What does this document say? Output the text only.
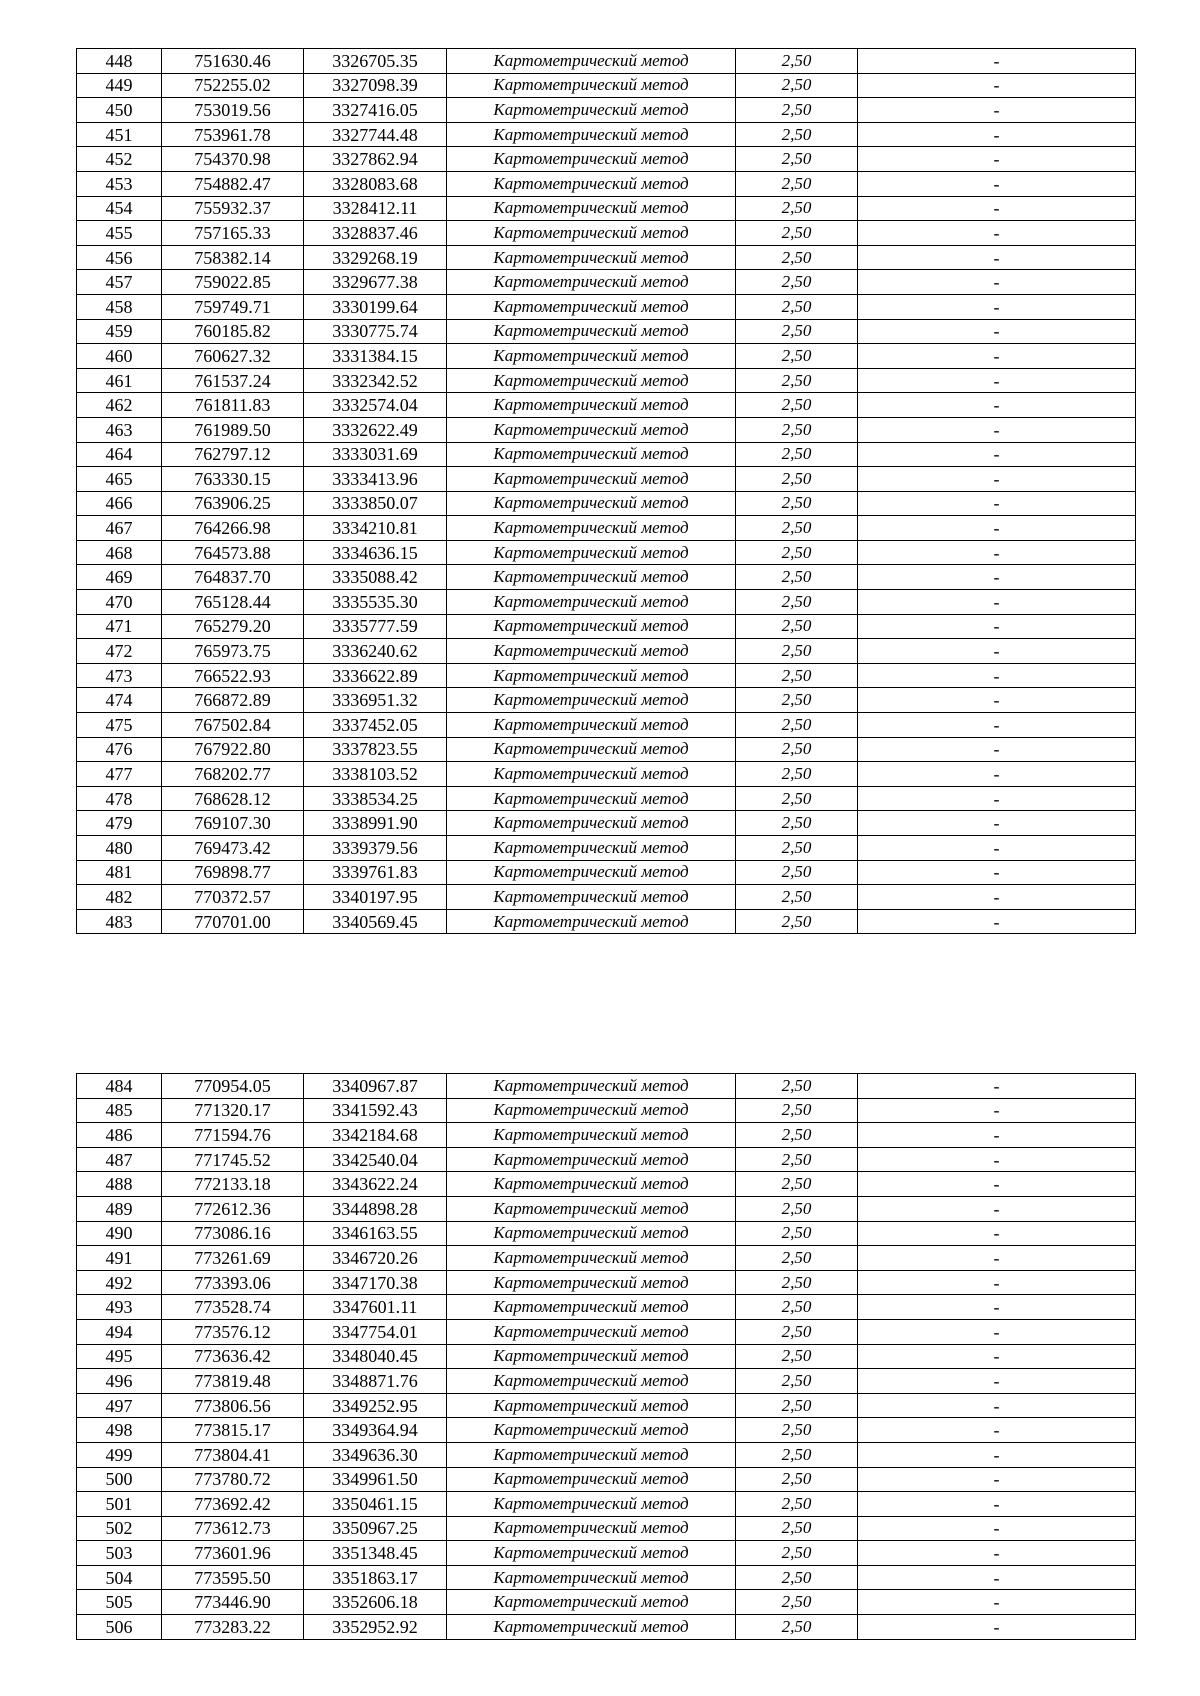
448	751630.46	3326705.35	Картометрический метод	2,50	-
449	752255.02	3327098.39	Картометрический метод	2,50	-
450	753019.56	3327416.05	Картометрический метод	2,50	-
451	753961.78	3327744.48	Картометрический метод	2,50	-
452	754370.98	3327862.94	Картометрический метод	2,50	-
453	754882.47	3328083.68	Картометрический метод	2,50	-
454	755932.37	3328412.11	Картометрический метод	2,50	-
455	757165.33	3328837.46	Картометрический метод	2,50	-
456	758382.14	3329268.19	Картометрический метод	2,50	-
457	759022.85	3329677.38	Картометрический метод	2,50	-
458	759749.71	3330199.64	Картометрический метод	2,50	-
459	760185.82	3330775.74	Картометрический метод	2,50	-
460	760627.32	3331384.15	Картометрический метод	2,50	-
461	761537.24	3332342.52	Картометрический метод	2,50	-
462	761811.83	3332574.04	Картометрический метод	2,50	-
463	761989.50	3332622.49	Картометрический метод	2,50	-
464	762797.12	3333031.69	Картометрический метод	2,50	-
465	763330.15	3333413.96	Картометрический метод	2,50	-
466	763906.25	3333850.07	Картометрический метод	2,50	-
467	764266.98	3334210.81	Картометрический метод	2,50	-
468	764573.88	3334636.15	Картометрический метод	2,50	-
469	764837.70	3335088.42	Картометрический метод	2,50	-
470	765128.44	3335535.30	Картометрический метод	2,50	-
471	765279.20	3335777.59	Картометрический метод	2,50	-
472	765973.75	3336240.62	Картометрический метод	2,50	-
473	766522.93	3336622.89	Картометрический метод	2,50	-
474	766872.89	3336951.32	Картометрический метод	2,50	-
475	767502.84	3337452.05	Картометрический метод	2,50	-
476	767922.80	3337823.55	Картометрический метод	2,50	-
477	768202.77	3338103.52	Картометрический метод	2,50	-
478	768628.12	3338534.25	Картометрический метод	2,50	-
479	769107.30	3338991.90	Картометрический метод	2,50	-
480	769473.42	3339379.56	Картометрический метод	2,50	-
481	769898.77	3339761.83	Картометрический метод	2,50	-
482	770372.57	3340197.95	Картометрический метод	2,50	-
483	770701.00	3340569.45	Картометрический метод	2,50	-
484	770954.05	3340967.87	Картометрический метод	2,50	-
485	771320.17	3341592.43	Картометрический метод	2,50	-
486	771594.76	3342184.68	Картометрический метод	2,50	-
487	771745.52	3342540.04	Картометрический метод	2,50	-
488	772133.18	3343622.24	Картометрический метод	2,50	-
489	772612.36	3344898.28	Картометрический метод	2,50	-
490	773086.16	3346163.55	Картометрический метод	2,50	-
491	773261.69	3346720.26	Картометрический метод	2,50	-
492	773393.06	3347170.38	Картометрический метод	2,50	-
493	773528.74	3347601.11	Картометрический метод	2,50	-
494	773576.12	3347754.01	Картометрический метод	2,50	-
495	773636.42	3348040.45	Картометрический метод	2,50	-
496	773819.48	3348871.76	Картометрический метод	2,50	-
497	773806.56	3349252.95	Картометрический метод	2,50	-
498	773815.17	3349364.94	Картометрический метод	2,50	-
499	773804.41	3349636.30	Картометрический метод	2,50	-
500	773780.72	3349961.50	Картометрический метод	2,50	-
501	773692.42	3350461.15	Картометрический метод	2,50	-
502	773612.73	3350967.25	Картометрический метод	2,50	-
503	773601.96	3351348.45	Картометрический метод	2,50	-
504	773595.50	3351863.17	Картометрический метод	2,50	-
505	773446.90	3352606.18	Картометрический метод	2,50	-
506	773283.22	3352952.92	Картометрический метод	2,50	-
